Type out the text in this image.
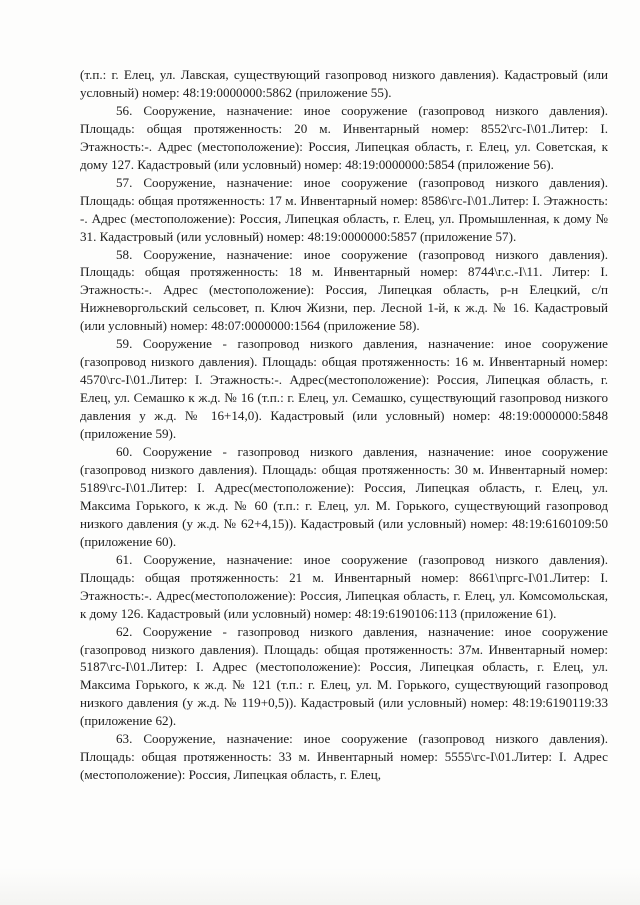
(т.п.: г. Елец, ул. Лавская, существующий газопровод низкого давления). Кадастровый (или условный) номер: 48:19:0000000:5862 (приложение 55).

56. Сооружение, назначение: иное сооружение (газопровод низкого давления). Площадь: общая протяженность: 20 м. Инвентарный номер: 8552\гс-I\01.Литер: I. Этажность:-. Адрес (местоположение): Россия, Липецкая область, г. Елец, ул. Советская, к дому 127. Кадастровый (или условный) номер: 48:19:0000000:5854 (приложение 56).

57. Сооружение, назначение: иное сооружение (газопровод низкого давления). Площадь: общая протяженность: 17 м. Инвентарный номер: 8586\гс-I\01.Литер: I. Этажность: -. Адрес (местоположение): Россия, Липецкая область, г. Елец, ул. Промышленная, к дому № 31. Кадастровый (или условный) номер: 48:19:0000000:5857 (приложение 57).

58. Сооружение, назначение: иное сооружение (газопровод низкого давления). Площадь: общая протяженность: 18 м. Инвентарный номер: 8744\г.с.-I\11. Литер: I. Этажность:-. Адрес (местоположение): Россия, Липецкая область, р-н Елецкий, с/п Нижневоргольский сельсовет, п. Ключ Жизни, пер. Лесной 1-й, к ж.д. № 16. Кадастровый (или условный) номер: 48:07:0000000:1564 (приложение 58).

59. Сооружение - газопровод низкого давления, назначение: иное сооружение (газопровод низкого давления). Площадь: общая протяженность: 16 м. Инвентарный номер: 4570\гс-I\01.Литер: I. Этажность:-. Адрес(местоположение): Россия, Липецкая область, г. Елец, ул. Семашко к ж.д. № 16 (т.п.: г. Елец, ул. Семашко, существующий газопровод низкого давления у ж.д. № 16+14,0). Кадастровый (или условный) номер: 48:19:0000000:5848 (приложение 59).

60. Сооружение - газопровод низкого давления, назначение: иное сооружение (газопровод низкого давления). Площадь: общая протяженность: 30 м. Инвентарный номер: 5189\гс-I\01.Литер: I. Адрес(местоположение): Россия, Липецкая область, г. Елец, ул. Максима Горького, к ж.д. № 60 (т.п.: г. Елец, ул. М. Горького, существующий газопровод низкого давления (у ж.д. № 62+4,15)). Кадастровый (или условный) номер: 48:19:6160109:50 (приложение 60).

61. Сооружение, назначение: иное сооружение (газопровод низкого давления). Площадь: общая протяженность: 21 м. Инвентарный номер: 8661\пргс-I\01.Литер: I. Этажность:-. Адрес(местоположение): Россия, Липецкая область, г. Елец, ул. Комсомольская, к дому 126. Кадастровый (или условный) номер: 48:19:6190106:113 (приложение 61).

62. Сооружение - газопровод низкого давления, назначение: иное сооружение (газопровод низкого давления). Площадь: общая протяженность: 37м. Инвентарный номер: 5187\гс-I\01.Литер: I. Адрес (местоположение): Россия, Липецкая область, г. Елец, ул. Максима Горького, к ж.д. № 121 (т.п.: г. Елец, ул. М. Горького, существующий газопровод низкого давления (у ж.д. № 119+0,5)). Кадастровый (или условный) номер: 48:19:6190119:33 (приложение 62).

63. Сооружение, назначение: иное сооружение (газопровод низкого давления). Площадь: общая протяженность: 33 м. Инвентарный номер: 5555\гс-I\01.Литер: I. Адрес (местоположение): Россия, Липецкая область, г. Елец,
